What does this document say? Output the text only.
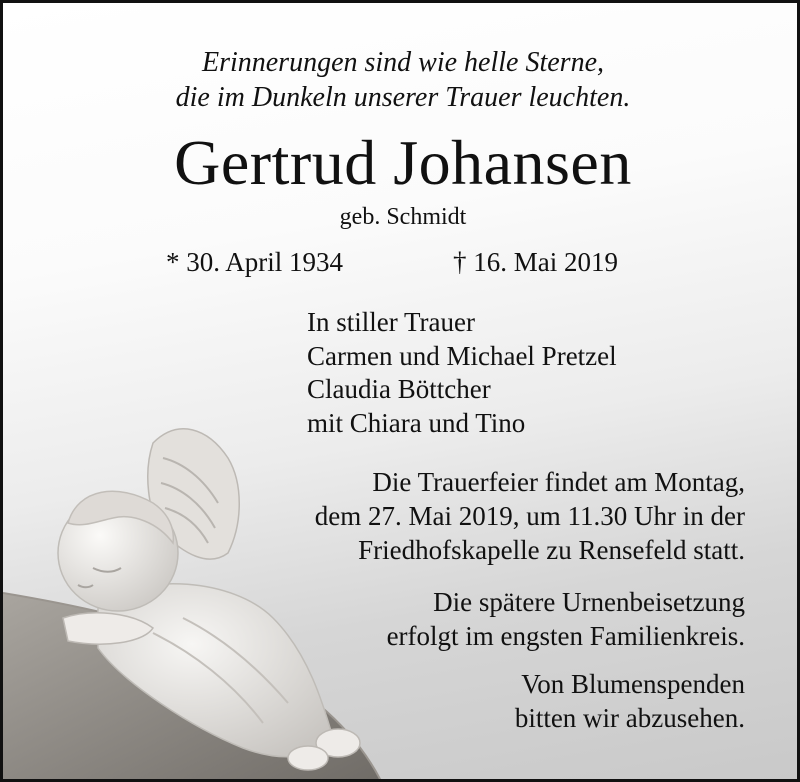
Erinnerungen sind wie helle Sterne,
die im Dunkeln unserer Trauer leuchten.
Gertrud Johansen
geb. Schmidt
* 30. April 1934	† 16. Mai 2019
In stiller Trauer
Carmen und Michael Pretzel
Claudia Böttcher
mit Chiara und Tino
Die Trauerfeier findet am Montag,
dem 27. Mai 2019, um 11.30 Uhr in der
Friedhofskapelle zu Rensefeld statt.
Die spätere Urnenbeisetzung
erfolgt im engsten Familienkreis.
Von Blumenspenden
bitten wir abzusehen.
